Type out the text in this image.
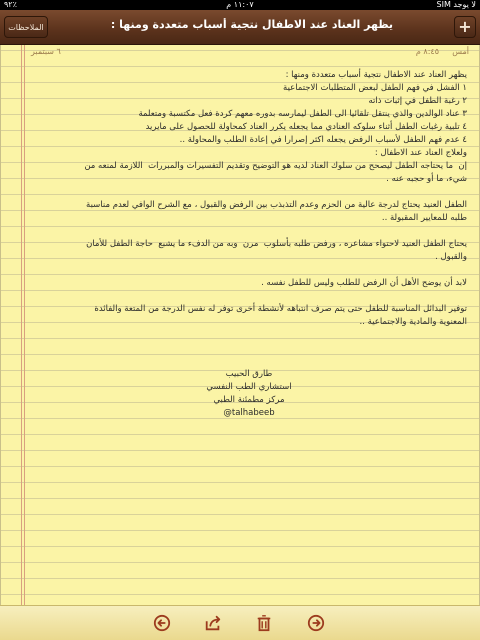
٪٩٢	١١:٠٧ م	لا يوجد SIM
الملاحظات	يظهر العناد عند الاطفال نتجية أسباب متعددة ومنها :	+
٦ سبتمبر	٨:٤٥ م أمس
يظهر العناد عند الاطفال نتجية أسباب متعددة ومنها :
١ الفشل في فهم الطفل لبعض المتطلبات الاجتماعية
٢ رغبة الطفل في إثبات ذاته
٣ عناد الوالدين والذي ينتقل تلقائيا الى الطفل ليمارسه بدوره معهم كردة فعل مكتسبة ومتعلمة
٤ تلبية رغبات الطفل أثناء سلوكه العنادي مما يجعله يكرر العناد كمحاولة للحصول على مايريد
٤ عدم فهم الطفل لأسباب الرفض يجعله اكثر إصرارا في إعادة الطلب والمحاولة ..
ولعلاج العناد عند الاطفال :
إن  ما يحتاجه الطفل ليصحح من سلوك العناد لديه هو التوضيح وتقديم التفسيرات والمبررات  اللازمة لمنعه من
شيء، ما أو حجبه عنه .
الطفل العنيد يحتاج لدرجة عالية من الحزم وعدم التذبذب بين الرفض والقبول ، مع الشرح الوافي لعدم مناسبة
طلبه للمعايير المقبولة ..
يحتاج الطفل العنيد لاحتواء مشاعره ، ورفض طلبه بأسلوب  مرن  وبه من الدفء ما يشبع  حاجة الطفل للأمان
والقبول .
لابد أن يوضح الأهل أن الرفض للطلب وليس للطفل نفسه .
توفير البدائل المناسبة للطفل حتى يتم صرف انتباهه لأنشطة أخرى توفر له نفس الدرجة من المتعة والفائدة
المعنوية والمادية والاجتماعية ..
طارق الحبيب
استشاري الطب النفسي
مركز مطمئنة الطبي
@talhabeeb
